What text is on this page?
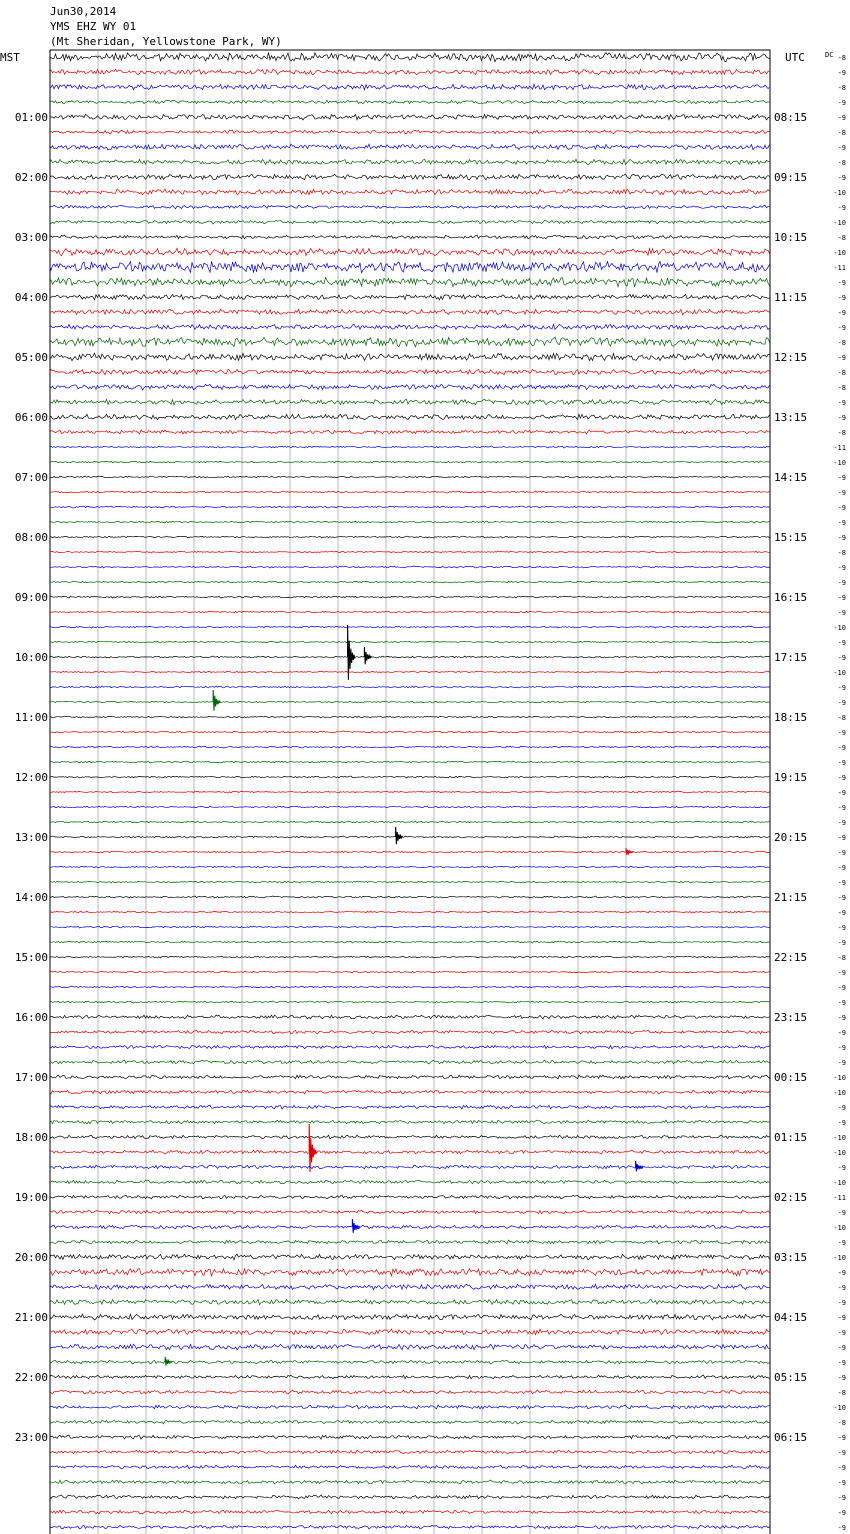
Jun30,2014
YMS EHZ WY 01
(Mt Sheridan, Yellowstone Park, WY)
-8
-9
-8
-9
-9
-8
-9
-8
-9
-10
-9
-10
-8
-10
-11
-9
-9
-9
-9
-8
-9
-8
-8
-9
-9
-8
-11
-10
-9
-9
-9
-9
-9
-8
-9
-9
-9
-9
-10
-9
-9
-10
-9
-9
-8
-9
-9
-9
-9
-9
-9
-9
-9
-9
-9
-9
-9
-9
-9
-9
-8
-9
-9
-9
-9
-9
-9
-9
-10
-10
-9
-9
-10
-10
-9
-10
-11
-9
-10
-9
-10
-9
-9
-9
-9
-9
-9
-9
-9
-8
-10
-8
-9
-9
-9
-9
-9
-9
-9
01:00	08:15
02:00	09:15
03:00	10:15
04:00	11:15
05:00	12:15
06:00	13:15
07:00	14:15
08:00	15:15
09:00	16:15
10:00	17:15
11:00	18:15
12:00	19:15
13:00	20:15
14:00	21:15
15:00	22:15
16:00	23:15
17:00	00:15
18:00	01:15
19:00	02:15
20:00	03:15
21:00	04:15
22:00	05:15
23:00	06:15
MST	UTC	DC
